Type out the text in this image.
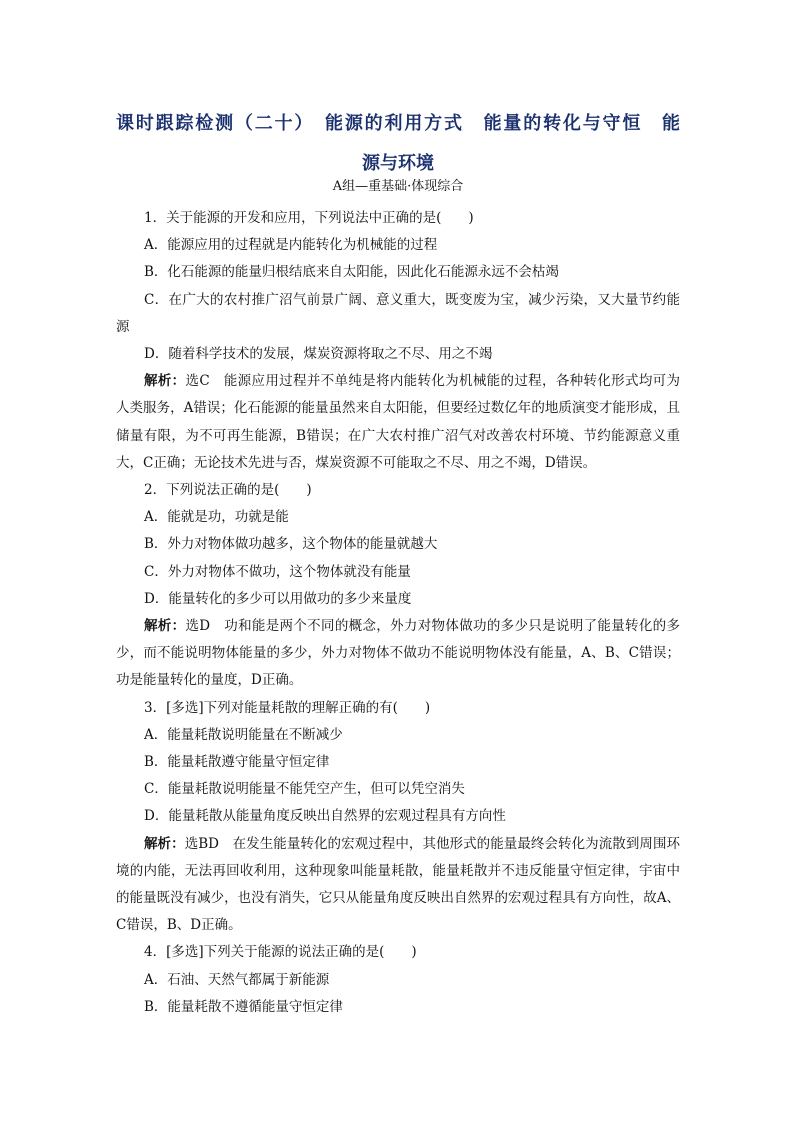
课时跟踪检测（二十）　能源的利用方式　能量的转化与守恒　能
源与环境
A组—重基础·体现综合

1．关于能源的开发和应用，下列说法中正确的是(　　)

A．能源应用的过程就是内能转化为机械能的过程

B．化石能源的能量归根结底来自太阳能，因此化石能源永远不会枯竭

C．在广大的农村推广沼气前景广阔、意义重大，既变废为宝，减少污染，又大量节约能源

D．随着科学技术的发展，煤炭资源将取之不尽、用之不竭

解析：选C　能源应用过程并不单纯是将内能转化为机械能的过程，各种转化形式均可为人类服务，A错误；化石能源的能量虽然来自太阳能，但要经过数亿年的地质演变才能形成，且储量有限，为不可再生能源，B错误；在广大农村推广沼气对改善农村环境、节约能源意义重大，C正确；无论技术先进与否，煤炭资源不可能取之不尽、用之不竭，D错误。

2．下列说法正确的是(　　)

A．能就是功，功就是能

B．外力对物体做功越多，这个物体的能量就越大

C．外力对物体不做功，这个物体就没有能量

D．能量转化的多少可以用做功的多少来量度

解析：选D　功和能是两个不同的概念，外力对物体做功的多少只是说明了能量转化的多少，而不能说明物体能量的多少，外力对物体不做功不能说明物体没有能量，A、B、C错误；功是能量转化的量度，D正确。

3．[多选]下列对能量耗散的理解正确的有(　　)

A．能量耗散说明能量在不断减少

B．能量耗散遵守能量守恒定律

C．能量耗散说明能量不能凭空产生，但可以凭空消失

D．能量耗散从能量角度反映出自然界的宏观过程具有方向性

解析：选BD　在发生能量转化的宏观过程中，其他形式的能量最终会转化为流散到周围环境的内能，无法再回收利用，这种现象叫能量耗散，能量耗散并不违反能量守恒定律，宇宙中的能量既没有减少，也没有消失，它只从能量角度反映出自然界的宏观过程具有方向性，故A、C错误，B、D正确。

4．[多选]下列关于能源的说法正确的是(　　)

A．石油、天然气都属于新能源

B．能量耗散不遵循能量守恒定律
